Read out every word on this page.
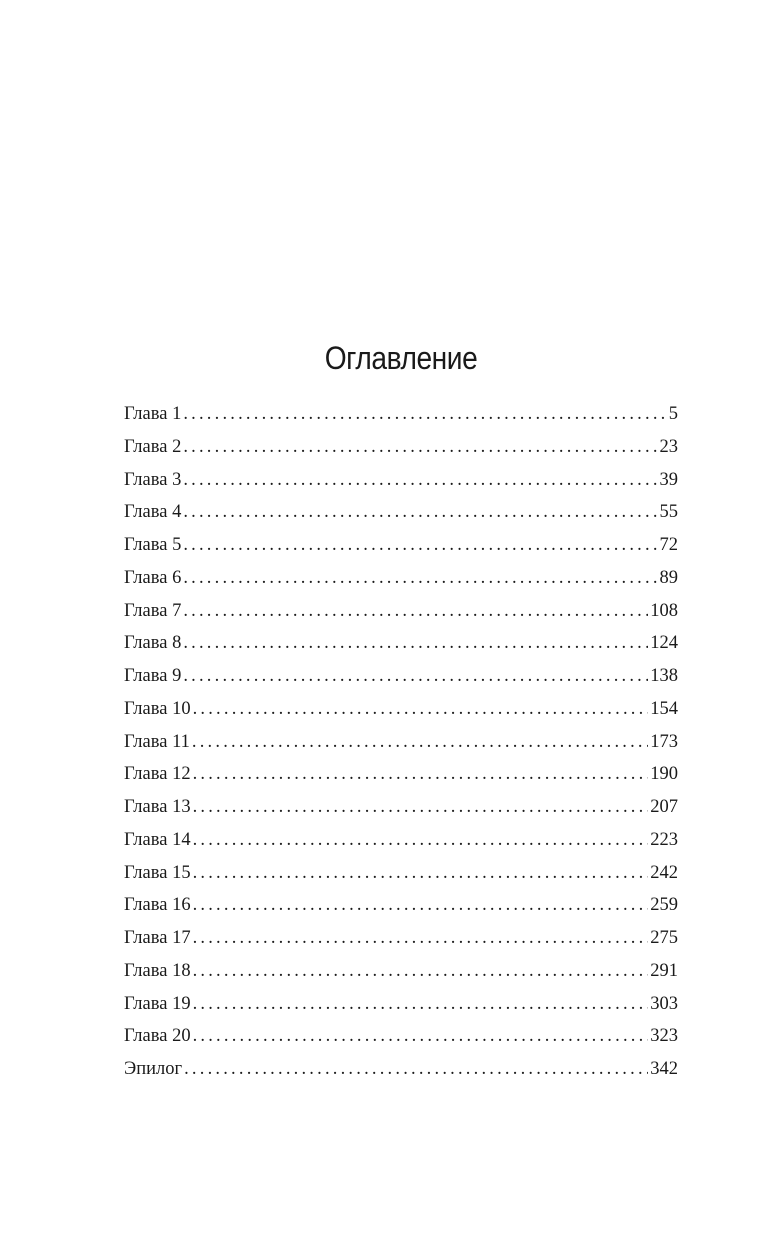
Оглавление
Глава 1 .....	5
Глава 2 .....	23
Глава 3 .....	39
Глава 4 .....	55
Глава 5 .....	72
Глава 6 .....	89
Глава 7 .....	108
Глава 8 .....	124
Глава 9 .....	138
Глава 10 .....	154
Глава 11 .....	173
Глава 12 .....	190
Глава 13 .....	207
Глава 14 .....	223
Глава 15 .....	242
Глава 16 .....	259
Глава 17 .....	275
Глава 18 .....	291
Глава 19 .....	303
Глава 20 .....	323
Эпилог .....	342
